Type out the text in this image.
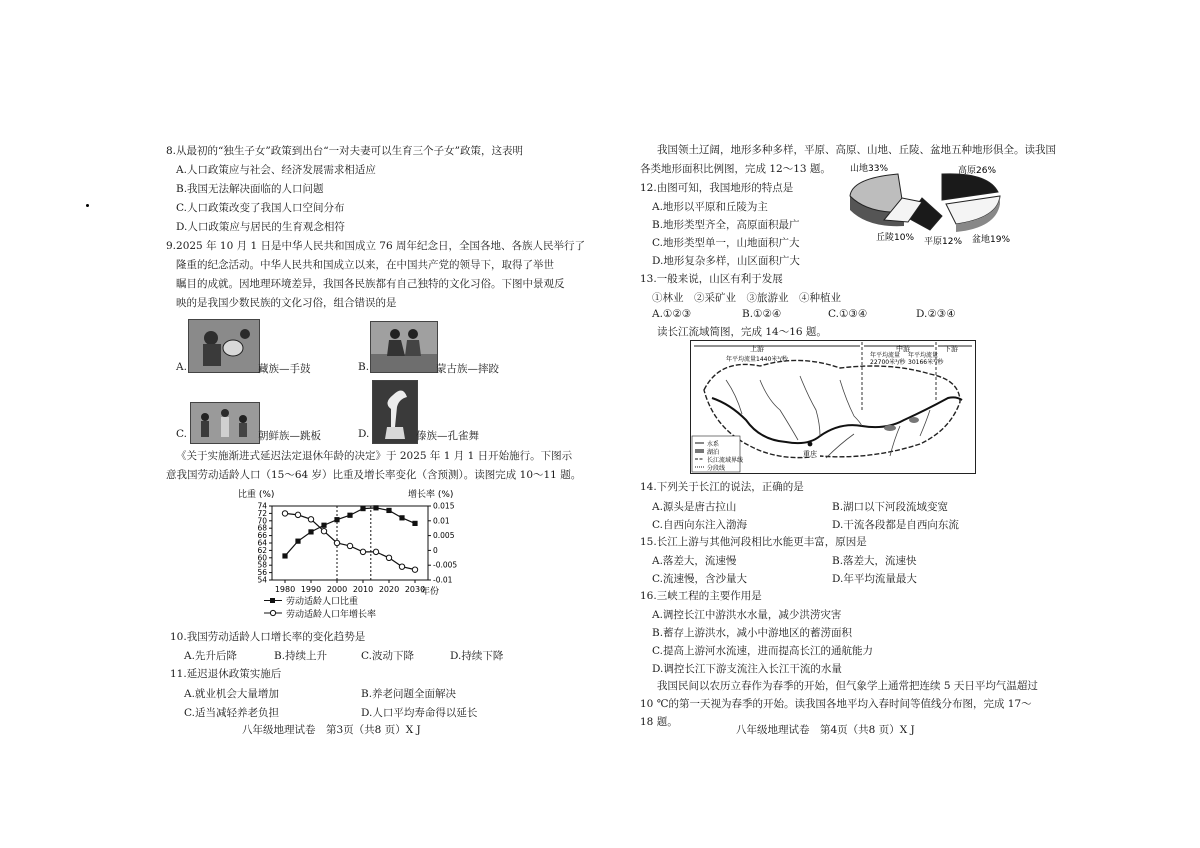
8.从最初的“独生子女”政策到出台“一对夫妻可以生育三个子女”政策，这表明
A.人口政策应与社会、经济发展需求相适应
B.我国无法解决面临的人口问题
C.人口政策改变了我国人口空间分布
D.人口政策应与居民的生育观念相符
9.2025 年 10 月 1 日是中华人民共和国成立 76 周年纪念日，全国各地、各族人民举行了
隆重的纪念活动。中华人民共和国成立以来，在中国共产党的领导下，取得了举世
瞩目的成就。因地理环境差异，我国各民族都有自己独特的文化习俗。下图中景观反
映的是我国少数民族的文化习俗，组合错误的是
A.	藏族—手鼓	B.	蒙古族—摔跤
C.	朝鲜族—跳板	D.	傣族—孔雀舞
《关于实施渐进式延迟法定退休年龄的决定》于 2025 年 1 月 1 日开始施行。下图示
意我国劳动适龄人口（15～64 岁）比重及增长率变化（含预测）。读图完成 10～11 题。
比重 (%)	增长率 (%)
54
56
58
60
62
64
66
68
70
72
74	0.015
0.01
0.005
0
-0.005
-0.01
1980 1990 2000 2010 2020 2030
年份
劳动适龄人口比重
劳动适龄人口年增长率
10.我国劳动适龄人口增长率的变化趋势是
A.先升后降	B.持续上升	C.波动下降	D.持续下降
11.延迟退休政策实施后
A.就业机会大量增加	B.养老问题全面解决
C.适当减轻养老负担	D.人口平均寿命得以延长
八年级地理试卷　第3页（共8 页）X J
我国领土辽阔，地形多种多样，平原、高原、山地、丘陵、盆地五种地形俱全。读我国
各类地形面积比例图，完成 12～13 题。
12.由图可知，我国地形的特点是
A.地形以平原和丘陵为主
B.地形类型齐全，高原面积最广
C.地形类型单一，山地面积广大
D.地形复杂多样，山区面积广大
山地33%	高原26%
盆地19%
平原12%
丘陵10%
13.一般来说，山区有利于发展
①林业　②采矿业　③旅游业　④种植业
A.①②③	B.①②④	C.①③④	D.②③④
读长江流域简图，完成 14～16 题。
上游	中游	下游
年平均流量1440米³/秒
年平均流量
22700米³/秒
年平均流量
30166米³/秒
重庆
水系
湖泊
长江流域界线
分段线
14.下列关于长江的说法，正确的是
A.源头是唐古拉山	B.湖口以下河段流域变宽
C.自西向东注入渤海	D.干流各段都是自西向东流
15.长江上游与其他河段相比水能更丰富，原因是
A.落差大，流速慢	B.落差大，流速快
C.流速慢，含沙量大	D.年平均流量最大
16.三峡工程的主要作用是
A.调控长江中游洪水水量，减少洪涝灾害
B.蓄存上游洪水，减小中游地区的蓄涝面积
C.提高上游河水流速，进而提高长江的通航能力
D.调控长江下游支流注入长江干流的水量
我国民间以农历立春作为春季的开始，但气象学上通常把连续 5 天日平均气温超过
10 ℃的第一天视为春季的开始。读我国各地平均入春时间等值线分布图，完成 17～
18 题。
八年级地理试卷　第4页（共8 页）X J
